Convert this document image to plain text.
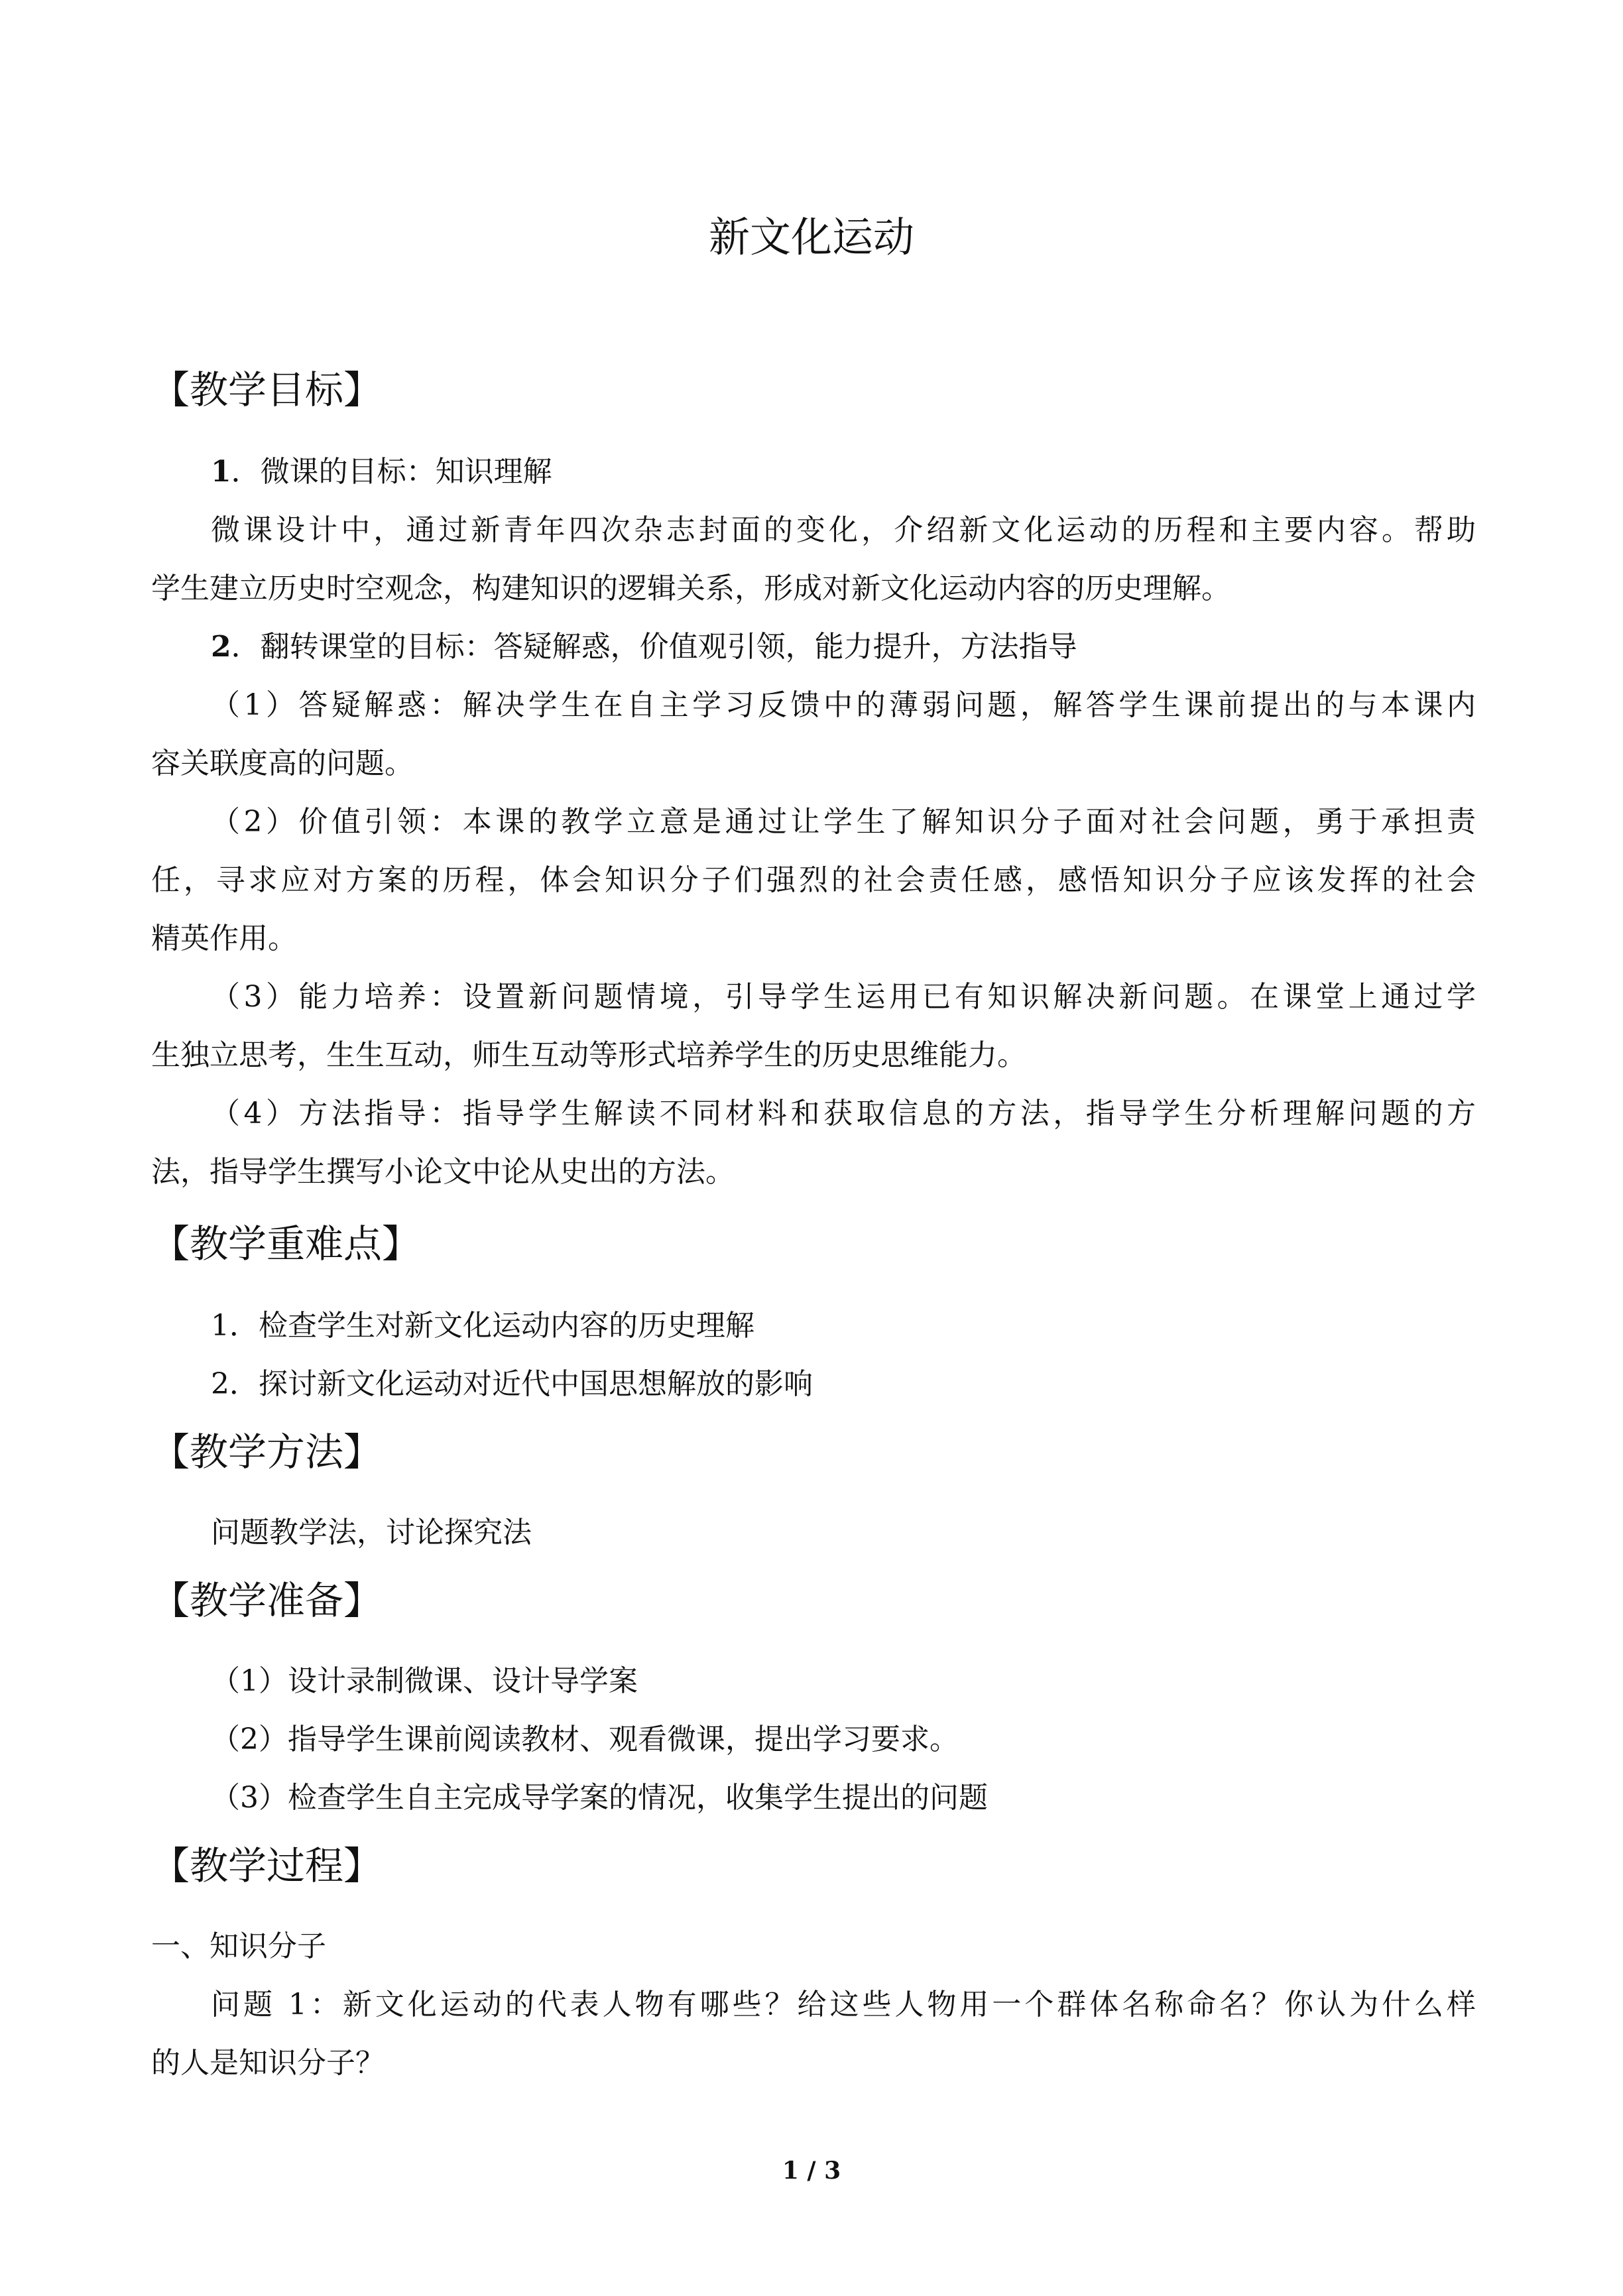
新文化运动
【教学目标】
1．微课的目标：知识理解
微课设计中，通过新青年四次杂志封面的变化，介绍新文化运动的历程和主要内容。帮助
学生建立历史时空观念，构建知识的逻辑关系，形成对新文化运动内容的历史理解。
2．翻转课堂的目标：答疑解惑，价值观引领，能力提升，方法指导
（1）答疑解惑：解决学生在自主学习反馈中的薄弱问题，解答学生课前提出的与本课内
容关联度高的问题。
（2）价值引领：本课的教学立意是通过让学生了解知识分子面对社会问题，勇于承担责
任，寻求应对方案的历程，体会知识分子们强烈的社会责任感，感悟知识分子应该发挥的社会
精英作用。
（3）能力培养：设置新问题情境，引导学生运用已有知识解决新问题。在课堂上通过学
生独立思考，生生互动，师生互动等形式培养学生的历史思维能力。
（4）方法指导：指导学生解读不同材料和获取信息的方法，指导学生分析理解问题的方
法，指导学生撰写小论文中论从史出的方法。
【教学重难点】
1．检查学生对新文化运动内容的历史理解
2．探讨新文化运动对近代中国思想解放的影响
【教学方法】
问题教学法，讨论探究法
【教学准备】
（1）设计录制微课、设计导学案
（2）指导学生课前阅读教材、观看微课，提出学习要求。
（3）检查学生自主完成导学案的情况，收集学生提出的问题
【教学过程】
一、知识分子
问题 1：新文化运动的代表人物有哪些？给这些人物用一个群体名称命名？你认为什么样
的人是知识分子？
1 / 3
